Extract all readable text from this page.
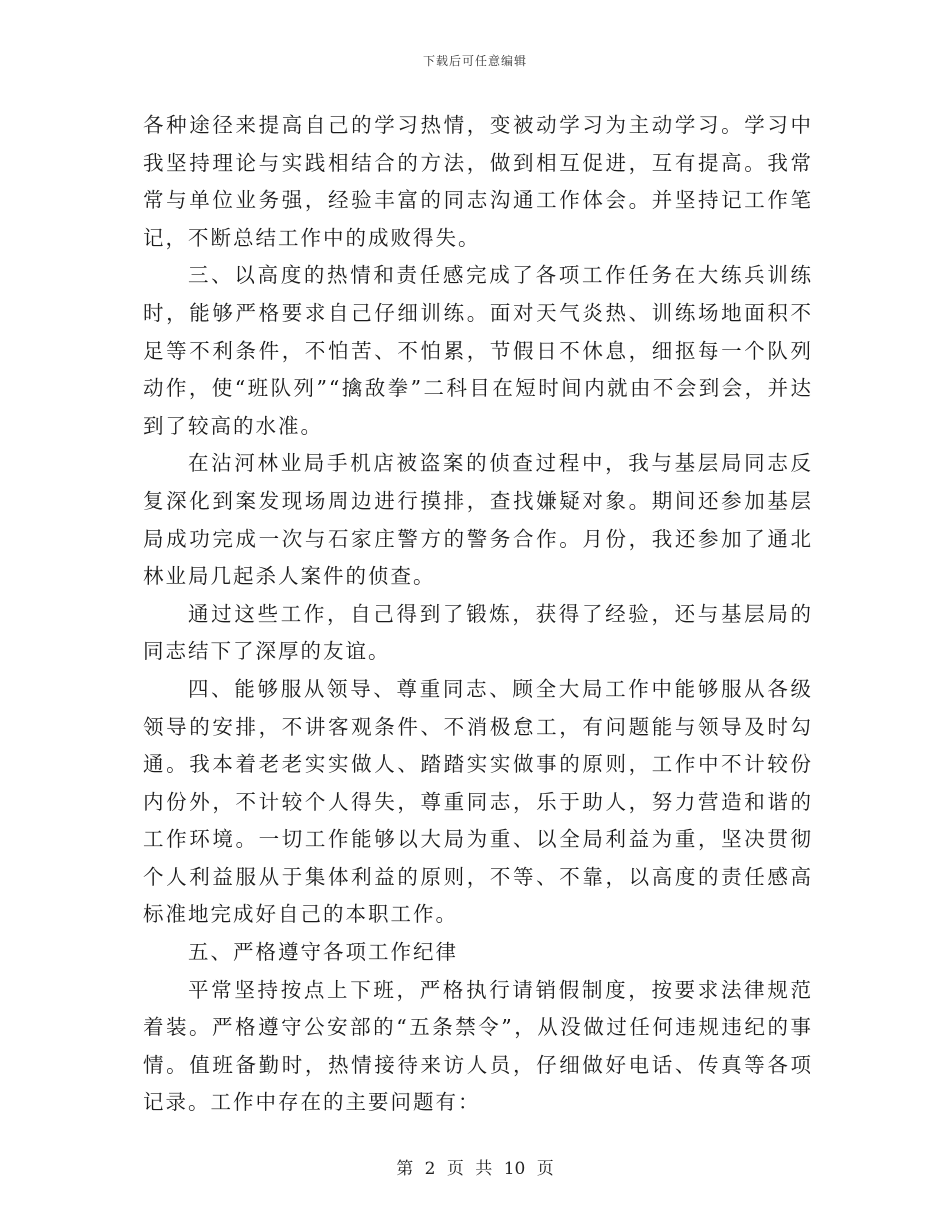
下载后可任意编辑

各种途径来提高自己的学习热情，变被动学习为主动学习。学习中我坚持理论与实践相结合的方法，做到相互促进，互有提高。我常常与单位业务强，经验丰富的同志沟通工作体会。并坚持记工作笔记，不断总结工作中的成败得失。

三、以高度的热情和责任感完成了各项工作任务在大练兵训练时，能够严格要求自己仔细训练。面对天气炎热、训练场地面积不足等不利条件，不怕苦、不怕累，节假日不休息，细抠每一个队列动作，使“班队列”“擒敌拳”二科目在短时间内就由不会到会，并达到了较高的水准。

在沾河林业局手机店被盗案的侦查过程中，我与基层局同志反复深化到案发现场周边进行摸排，查找嫌疑对象。期间还参加基层局成功完成一次与石家庄警方的警务合作。月份，我还参加了通北林业局几起杀人案件的侦查。

通过这些工作，自己得到了锻炼，获得了经验，还与基层局的同志结下了深厚的友谊。

四、能够服从领导、尊重同志、顾全大局工作中能够服从各级领导的安排，不讲客观条件、不消极怠工，有问题能与领导及时勾通。我本着老老实实做人、踏踏实实做事的原则，工作中不计较份内份外，不计较个人得失，尊重同志，乐于助人，努力营造和谐的工作环境。一切工作能够以大局为重、以全局利益为重，坚决贯彻个人利益服从于集体利益的原则，不等、不靠，以高度的责任感高标准地完成好自己的本职工作。

五、严格遵守各项工作纪律

平常坚持按点上下班，严格执行请销假制度，按要求法律规范着装。严格遵守公安部的“五条禁令”，从没做过任何违规违纪的事情。值班备勤时，热情接待来访人员，仔细做好电话、传真等各项记录。工作中存在的主要问题有：

第 2 页 共 10 页
